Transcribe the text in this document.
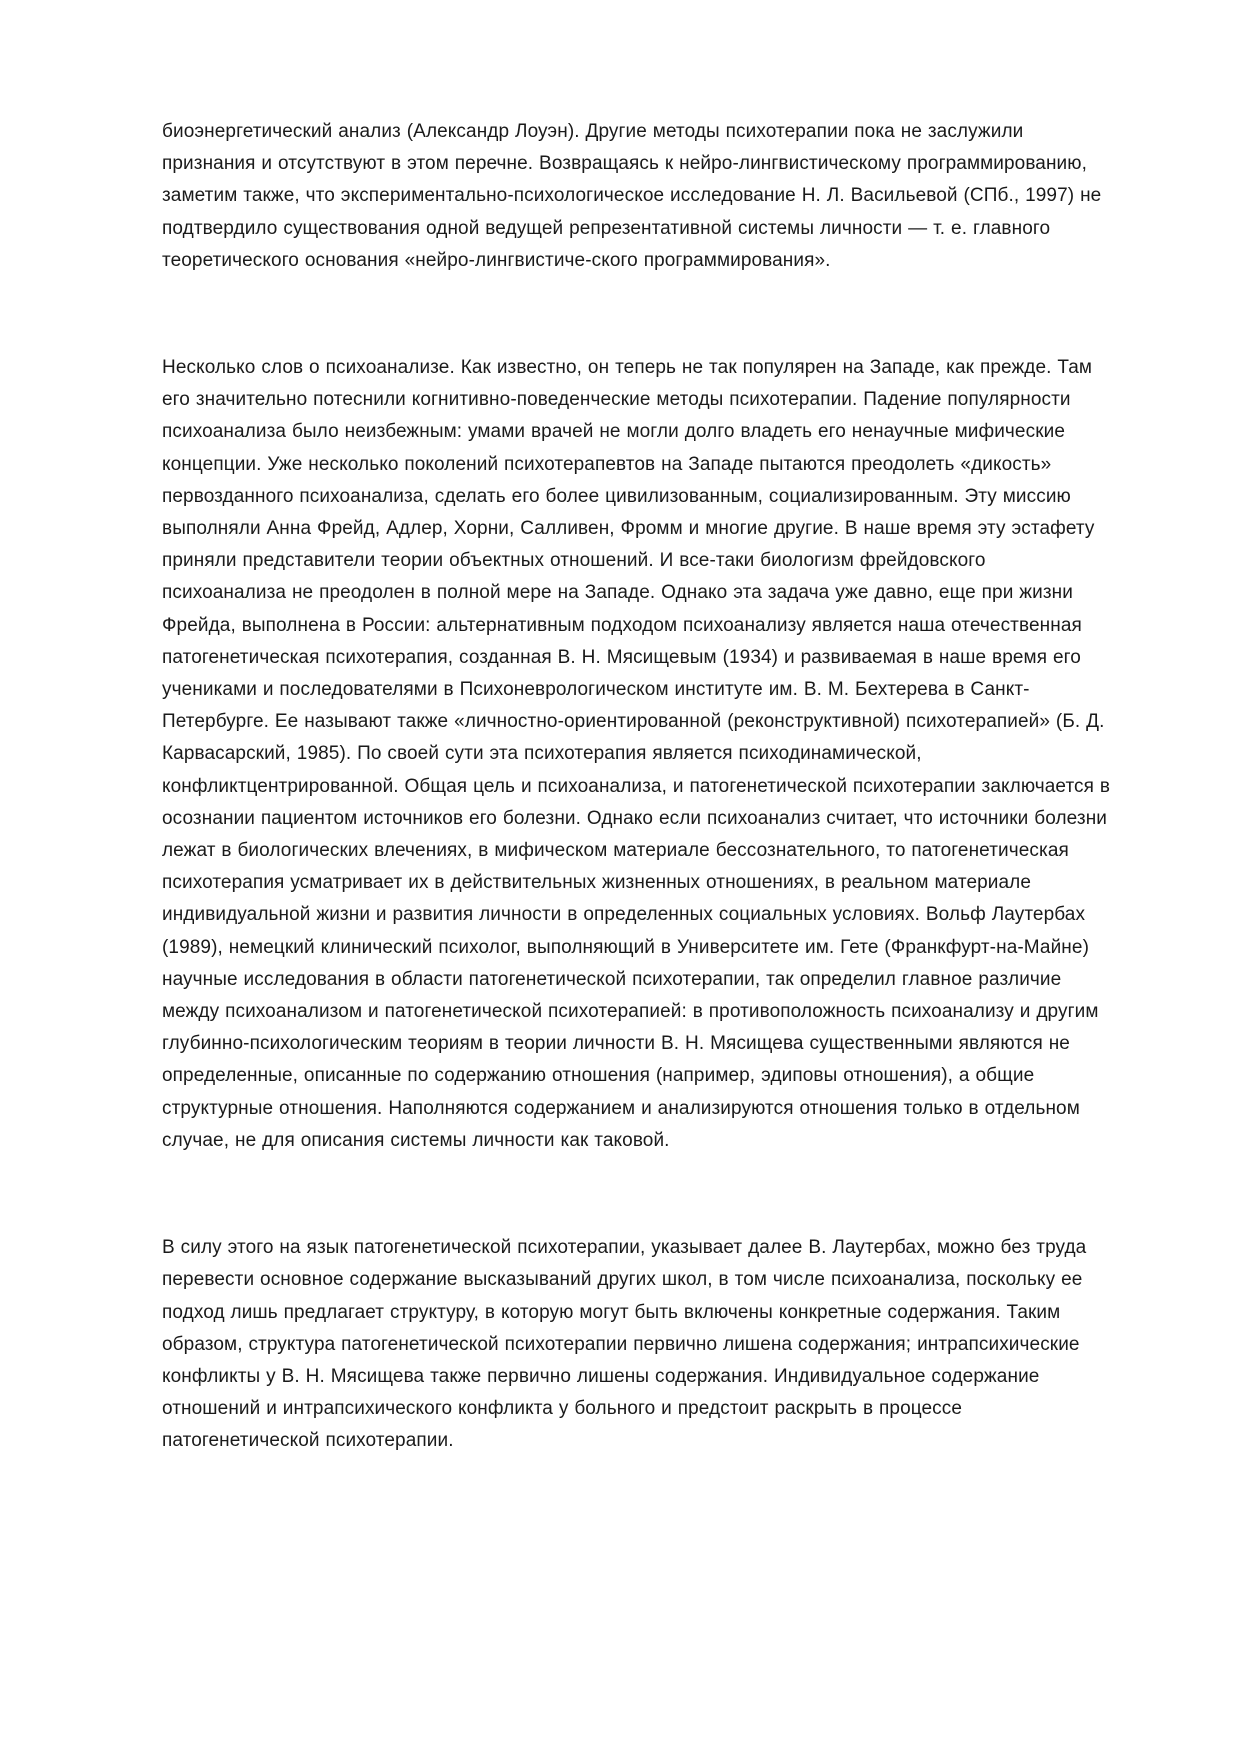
биоэнергетический анализ (Александр Лоуэн). Другие методы психотерапии пока не заслужили признания и отсутствуют в этом перечне. Возвращаясь к нейро-лингвистическому программированию, заметим также, что экспериментально-психологическое исследование Н. Л. Васильевой (СПб., 1997) не подтвердило существования одной ведущей репрезентативной системы личности — т. е. главного теоретического основания «нейро-лингвистиче-ского программирования».

Несколько слов о психоанализе. Как известно, он теперь не так популярен на Западе, как прежде. Там его значительно потеснили когнитивно-поведенческие методы психотерапии. Падение популярности психоанализа было неизбежным: умами врачей не могли долго владеть его ненаучные мифические концепции. Уже несколько поколений психотерапевтов на Западе пытаются преодолеть «дикость» первозданного психоанализа, сделать его более цивилизованным, социализированным. Эту миссию выполняли Анна Фрейд, Адлер, Хорни, Салливен, Фромм и многие другие. В наше время эту эстафету приняли представители теории объектных отношений. И все-таки биологизм фрейдовского психоанализа не преодолен в полной мере на Западе. Однако эта задача уже давно, еще при жизни Фрейда, выполнена в России: альтернативным подходом психоанализу является наша отечественная патогенетическая психотерапия, созданная В. Н. Мясищевым (1934) и развиваемая в наше время его учениками и последователями в Психоневрологическом институте им. В. М. Бехтерева в Санкт-Петербурге. Ее называют также «личностно-ориентированной (реконструктивной) психотерапией» (Б. Д. Карвасарский, 1985). По своей сути эта психотерапия является психодинамической, конфликтцентрированной. Общая цель и психоанализа, и патогенетической психотерапии заключается в осознании пациентом источников его болезни. Однако если психоанализ считает, что источники болезни лежат в биологических влечениях, в мифическом материале бессознательного, то патогенетическая психотерапия усматривает их в действительных жизненных отношениях, в реальном материале индивидуальной жизни и развития личности в определенных социальных условиях. Вольф Лаутербах (1989), немецкий клинический психолог, выполняющий в Университете им. Гете (Франкфурт-на-Майне) научные исследования в области патогенетической психотерапии, так определил главное различие между психоанализом и патогенетической психотерапией: в противоположность психоанализу и другим глубинно-психологическим теориям в теории личности В. Н. Мясищева существенными являются не определенные, описанные по содержанию отношения (например, эдиповы отношения), а общие структурные отношения. Наполняются содержанием и анализируются отношения только в отдельном случае, не для описания системы личности как таковой.

В силу этого на язык патогенетической психотерапии, указывает далее В. Лаутербах, можно без труда перевести основное содержание высказываний других школ, в том числе психоанализа, поскольку ее подход лишь предлагает структуру, в которую могут быть включены конкретные содержания. Таким образом, структура патогенетической психотерапии первично лишена содержания; интрапсихические конфликты у В. Н. Мясищева также первично лишены содержания. Индивидуальное содержание отношений и интрапсихического конфликта у больного и предстоит раскрыть в процессе патогенетической психотерапии.
